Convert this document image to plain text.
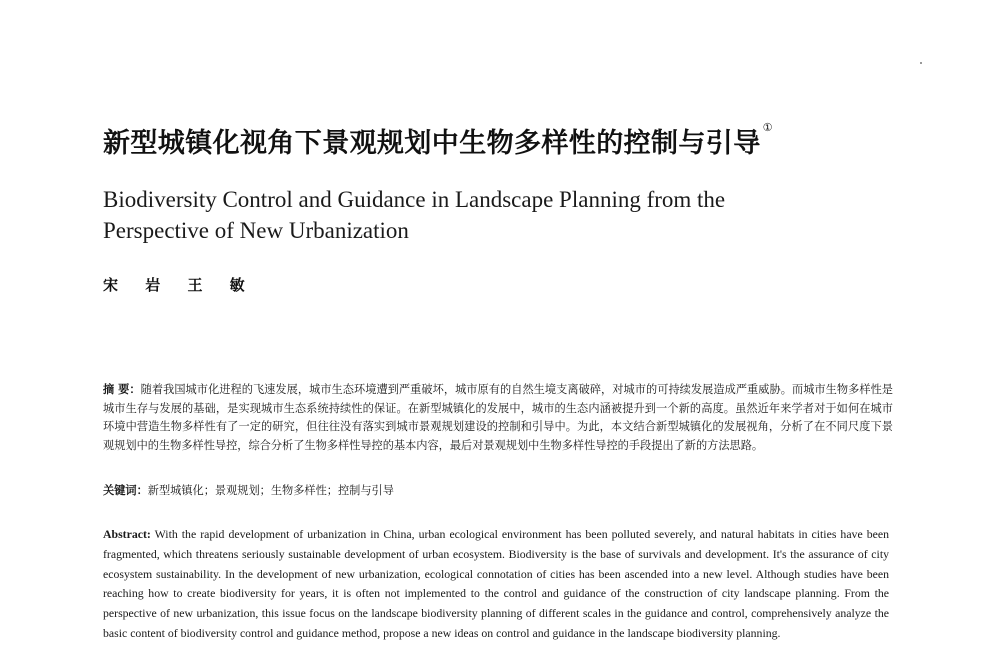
新型城镇化视角下景观规划中生物多样性的控制与引导①
Biodiversity Control and Guidance in Landscape Planning from the
Perspective of New Urbanization
宋 岩 王 敏
摘 要：随着我国城市化进程的飞速发展，城市生态环境遭到严重破坏，城市原有的自然生境支离破碎，对城市的可持续发展造成严重威胁。而城市生物多样性是城市生存与发展的基础，是实现城市生态系统持续性的保证。在新型城镇化的发展中，城市的生态内涵被提升到一个新的高度。虽然近年来学者对于如何在城市环境中营造生物多样性有了一定的研究，但往往没有落实到城市景观规划建设的控制和引导中。为此，本文结合新型城镇化的发展视角，分析了在不同尺度下景观规划中的生物多样性导控，综合分析了生物多样性导控的基本内容，最后对景观规划中生物多样性导控的手段提出了新的方法思路。
关键词：新型城镇化；景观规划；生物多样性；控制与引导
Abstract: With the rapid development of urbanization in China, urban ecological environment has been polluted severely, and natural habitats in cities have been fragmented, which threatens seriously sustainable development of urban ecosystem. Biodiversity is the base of survivals and development. It's the assurance of city ecosystem sustainability. In the development of new urbanization, ecological connotation of cities has been ascended into a new level. Although studies have been reaching how to create biodiversity for years, it is often not implemented to the control and guidance of the construction of city landscape planning. From the perspective of new urbanization, this issue focus on the landscape biodiversity planning of different scales in the guidance and control, comprehensively analyze the basic content of biodiversity control and guidance method, propose a new ideas on control and guidance in the landscape biodiversity planning.
